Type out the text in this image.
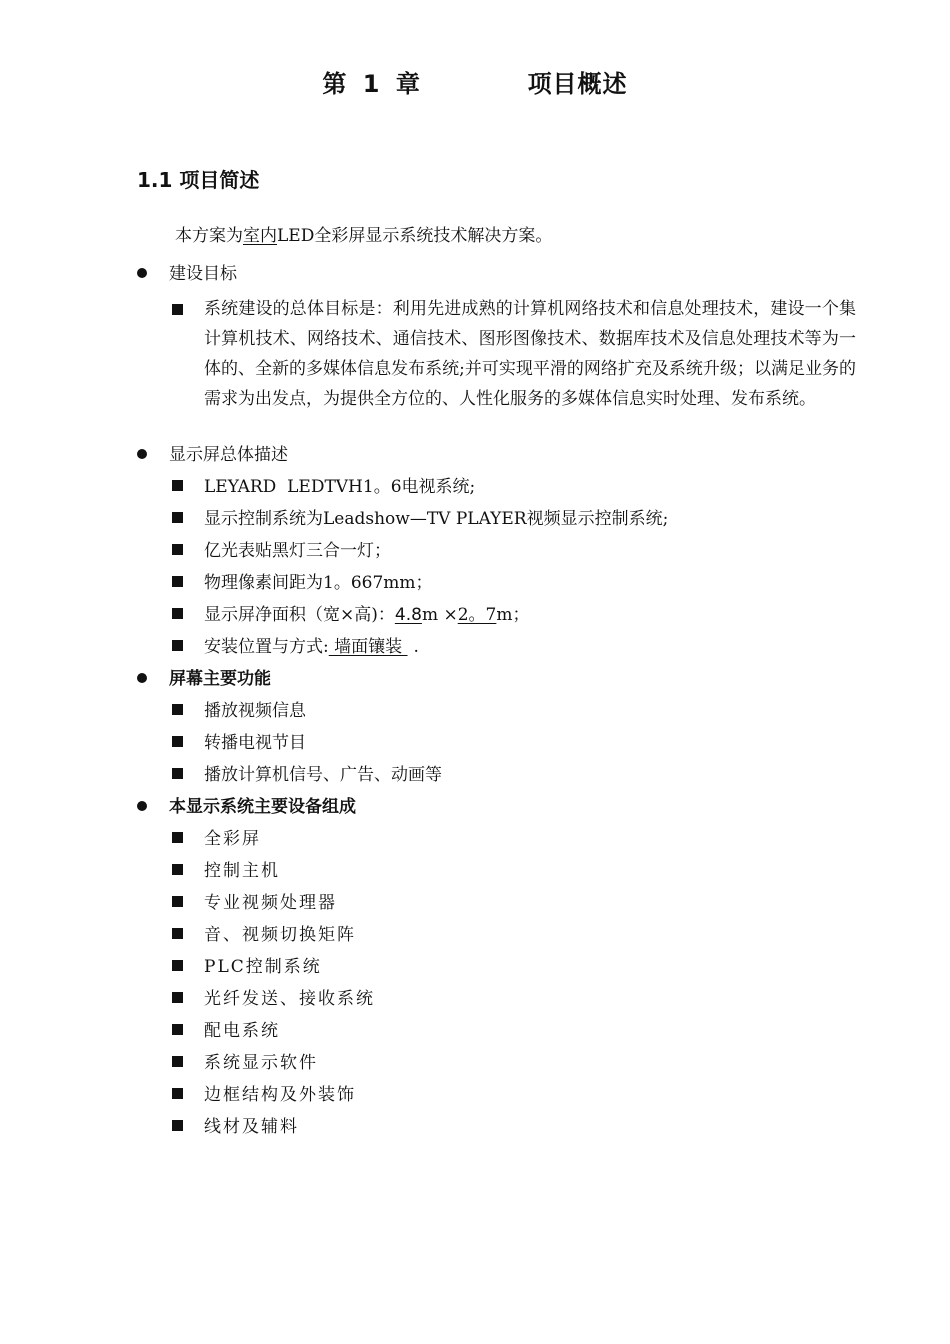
第 1 章	项目概述
1.1 项目简述
本方案为室内LED全彩屏显示系统技术解决方案。
建设目标
系统建设的总体目标是：利用先进成熟的计算机网络技术和信息处理技术，建设一个集计算机技术、网络技术、通信技术、图形图像技术、数据库技术及信息处理技术等为一体的、全新的多媒体信息发布系统;并可实现平滑的网络扩充及系统升级；以满足业务的需求为出发点，为提供全方位的、人性化服务的多媒体信息实时处理、发布系统。
显示屏总体描述
LEYARD  LEDTVH1。6电视系统;
显示控制系统为Leadshow—TV PLAYER视频显示控制系统;
亿光表贴黑灯三合一灯；
物理像素间距为1。667mm；
显示屏净面积（宽×高)：4.8m ×2。7m；
安装位置与方式: 墙面镶装 .
屏幕主要功能
播放视频信息
转播电视节目
播放计算机信号、广告、动画等
本显示系统主要设备组成
全彩屏
控制主机
专业视频处理器
音、视频切换矩阵
PLC控制系统
光纤发送、接收系统
配电系统
系统显示软件
边框结构及外装饰
线材及辅料
